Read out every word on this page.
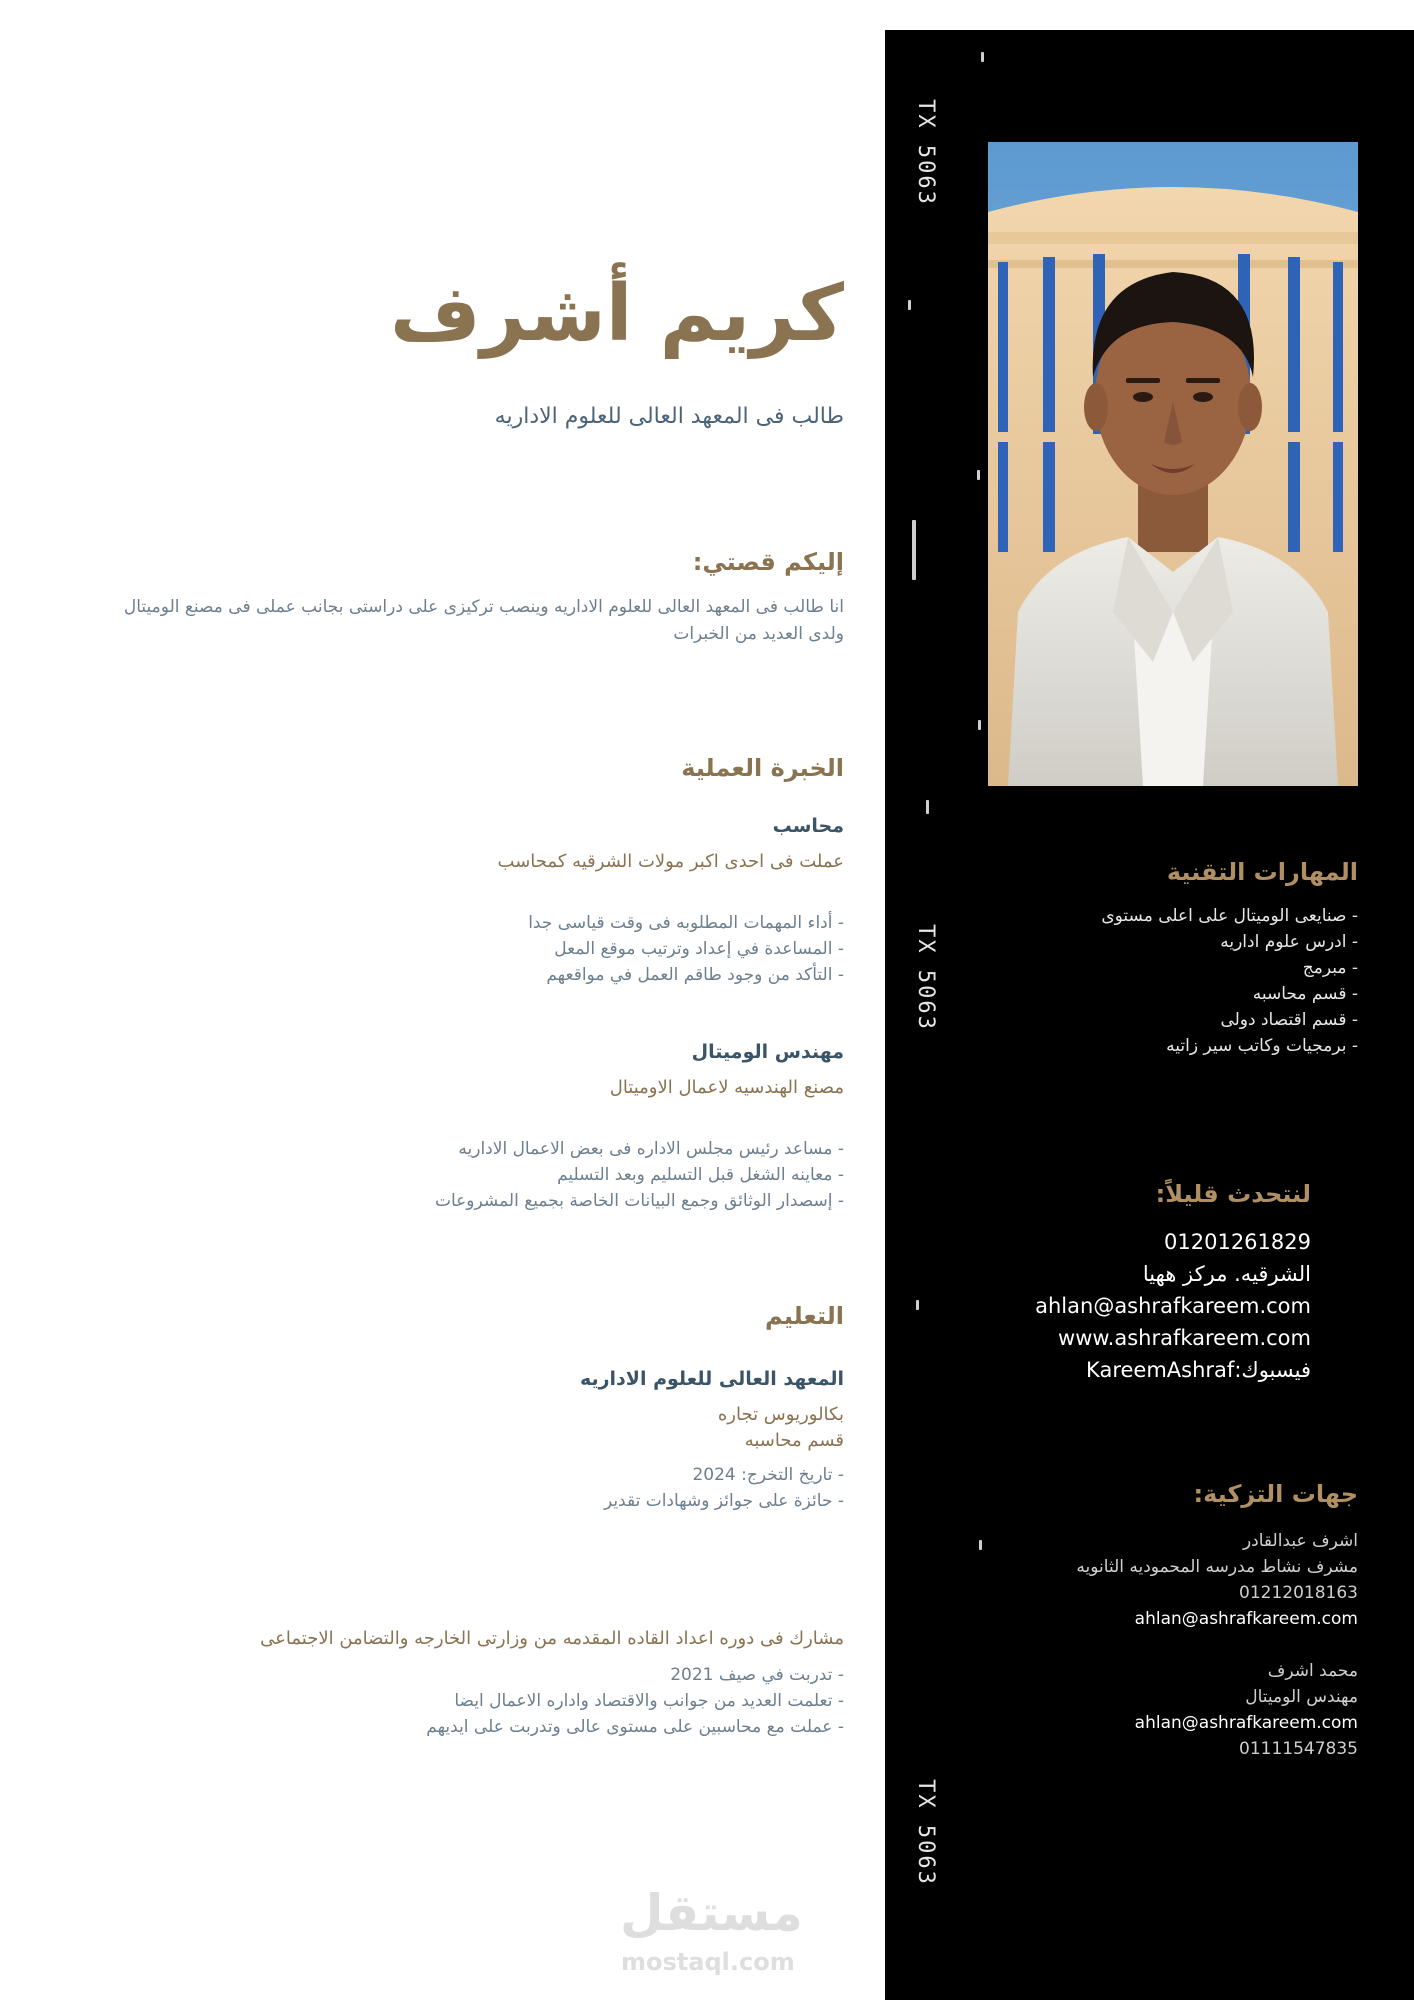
كريم أشرف
طالب فى المعهد العالى للعلوم الاداريه
إليكم قصتي:
انا طالب فى المعهد العالى للعلوم الاداريه وينصب تركيزى على دراستى بجانب عملى فى مصنع الوميتال ولدى العديد من الخبرات
الخبرة العملية
محاسب
عملت فى احدى اكبر مولات الشرقيه كمحاسب
- أداء المهمات المطلوبه فى وقت قياسى جدا
- المساعدة في إعداد وترتيب موقع المعل
- التأكد من وجود طاقم العمل في مواقعهم
مهندس الوميتال
مصنع الهندسيه لاعمال الاوميتال
- مساعد رئيس مجلس الاداره فى بعض الاعمال الاداريه
- معاينه الشغل قبل التسليم وبعد التسليم
- إسصدار الوثائق وجمع البيانات الخاصة بجميع المشروعات
التعليم
المعهد العالى للعلوم الاداريه
بكالوريوس تجاره
قسم محاسبه
- تاريخ التخرج: 2024
- حائزة على جوائز وشهادات تقدير
مشارك فى دوره اعداد القاده المقدمه من وزارتى الخارجه والتضامن الاجتماعى
- تدربت في صيف 2021
- تعلمت العديد من جوانب والاقتصاد واداره الاعمال ايضا
- عملت مع محاسبين على مستوى عالى وتدربت على ايديهم
مستقل
mostaql.com
TX 5063
TX 5063
TX 5063
المهارات التقنية
- صنايعى الوميتال على اعلى مستوى
- ادرس علوم اداريه
- مبرمج
- قسم محاسبه
- قسم اقتصاد دولى
- برمجيات وكاتب سير زاتيه
لنتحدث قليلاً:
01201261829
الشرقيه. مركز ههيا
ahlan@ashrafkareem.com
www.ashrafkareem.com
فيسبوك:KareemAshraf
جهات التزكية:
اشرف عبدالقادر
مشرف نشاط مدرسه المحموديه الثانويه
01212018163
ahlan@ashrafkareem.com
محمد اشرف
مهندس الوميتال
ahlan@ashrafkareem.com
01111547835
